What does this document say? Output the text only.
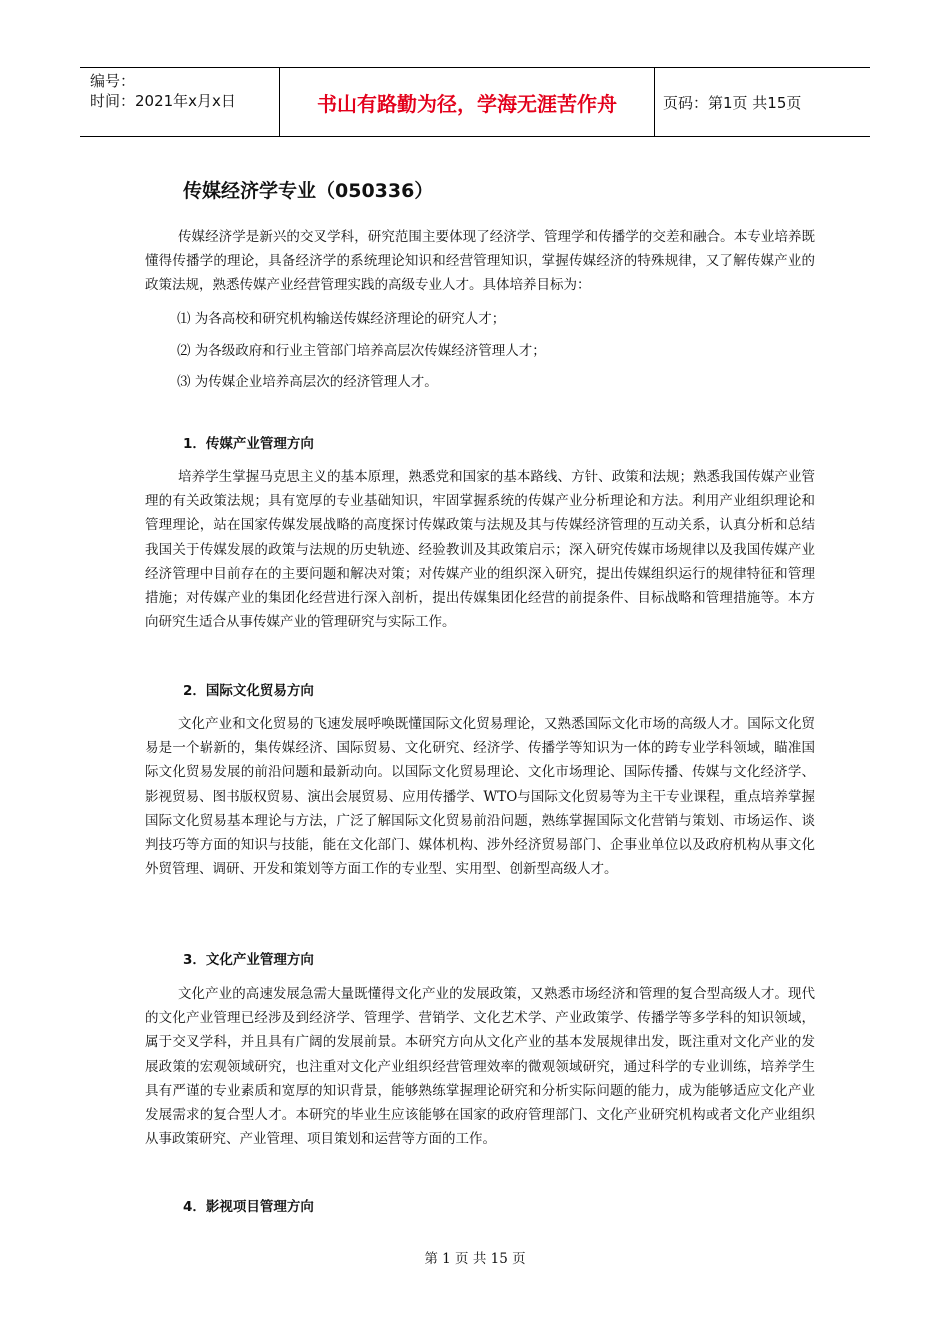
编号：
时间：2021年x月x日	书山有路勤为径，学海无涯苦作舟	页码：第1页 共15页
传媒经济学专业（050336）

传媒经济学是新兴的交叉学科，研究范围主要体现了经济学、管理学和传播学的交差和融合。本专业培养既懂得传播学的理论，具备经济学的系统理论知识和经营管理知识，掌握传媒经济的特殊规律，又了解传媒产业的政策法规，熟悉传媒产业经营管理实践的高级专业人才。具体培养目标为：

⑴ 为各高校和研究机构输送传媒经济理论的研究人才；

⑵ 为各级政府和行业主管部门培养高层次传媒经济管理人才；

⑶ 为传媒企业培养高层次的经济管理人才。

1．传媒产业管理方向

培养学生掌握马克思主义的基本原理，熟悉党和国家的基本路线、方针、政策和法规；熟悉我国传媒产业管理的有关政策法规；具有宽厚的专业基础知识，牢固掌握系统的传媒产业分析理论和方法。利用产业组织理论和管理理论，站在国家传媒发展战略的高度探讨传媒政策与法规及其与传媒经济管理的互动关系，认真分析和总结我国关于传媒发展的政策与法规的历史轨迹、经验教训及其政策启示；深入研究传媒市场规律以及我国传媒产业经济管理中目前存在的主要问题和解决对策；对传媒产业的组织深入研究，提出传媒组织运行的规律特征和管理措施；对传媒产业的集团化经营进行深入剖析，提出传媒集团化经营的前提条件、目标战略和管理措施等。本方向研究生适合从事传媒产业的管理研究与实际工作。

2．国际文化贸易方向

文化产业和文化贸易的飞速发展呼唤既懂国际文化贸易理论，又熟悉国际文化市场的高级人才。国际文化贸易是一个崭新的，集传媒经济、国际贸易、文化研究、经济学、传播学等知识为一体的跨专业学科领域，瞄准国际文化贸易发展的前沿问题和最新动向。以国际文化贸易理论、文化市场理论、国际传播、传媒与文化经济学、影视贸易、图书版权贸易、演出会展贸易、应用传播学、WTO与国际文化贸易等为主干专业课程，重点培养掌握国际文化贸易基本理论与方法，广泛了解国际文化贸易前沿问题，熟练掌握国际文化营销与策划、市场运作、谈判技巧等方面的知识与技能，能在文化部门、媒体机构、涉外经济贸易部门、企事业单位以及政府机构从事文化外贸管理、调研、开发和策划等方面工作的专业型、实用型、创新型高级人才。

3．文化产业管理方向

文化产业的高速发展急需大量既懂得文化产业的发展政策，又熟悉市场经济和管理的复合型高级人才。现代的文化产业管理已经涉及到经济学、管理学、营销学、文化艺术学、产业政策学、传播学等多学科的知识领域，属于交叉学科，并且具有广阔的发展前景。本研究方向从文化产业的基本发展规律出发，既注重对文化产业的发展政策的宏观领域研究，也注重对文化产业组织经营管理效率的微观领域研究，通过科学的专业训练，培养学生具有严谨的专业素质和宽厚的知识背景，能够熟练掌握理论研究和分析实际问题的能力，成为能够适应文化产业发展需求的复合型人才。本研究的毕业生应该能够在国家的政府管理部门、文化产业研究机构或者文化产业组织从事政策研究、产业管理、项目策划和运营等方面的工作。

4．影视项目管理方向

第 1 页 共 15 页
